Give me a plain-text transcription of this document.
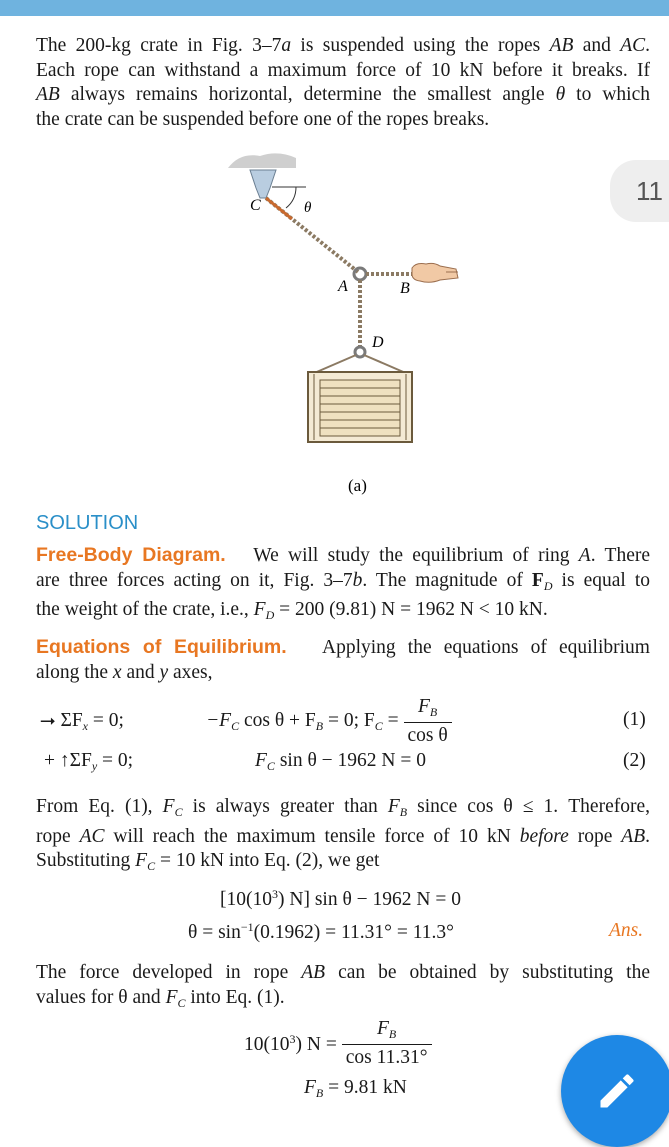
The 200-kg crate in Fig. 3–7a is suspended using the ropes AB and AC.
Each rope can withstand a maximum force of 10 kN before it breaks. If
AB always remains horizontal, determine the smallest angle θ to which
the crate can be suspended before one of the ropes breaks.
C	θ
A	B
D
(a)
11
SOLUTION
Free-Body Diagram. We will study the equilibrium of ring A. There
are three forces acting on it, Fig. 3–7b. The magnitude of $F_D$ is equal to
the weight of the crate, i.e., $F_D = 200$ (9.81) N = 1962 N < 10 kN.
Equations of Equilibrium. Applying the equations of equilibrium
along the x and y axes,
⭢ $\Sigma F_x = 0$;	$-F_C$ $\cos \theta + F_B = 0$; $F_C = \frac{F_B}{\text{cos θ}}$	(1)
+ $↑\Sigma F_y = 0$;	$F_C$ sin θ − 1962 N = 0	(2)
From Eq. (1), $F_C$ is always greater than $F_B$ since cos θ ≤ 1. Therefore,
rope AC will reach the maximum tensile force of 10 kN before rope AB.
Substituting $F_C = 10$ kN into Eq. (2), we get
[$10(10^3)$ N] sin θ − 1962 N = 0
$\theta = \sin^{-1}(0.1962) = 11.31^\circ = 11.3^\circ$	Ans.
The force developed in rope AB can be obtained by substituting the
values for θ and $F_C$ into Eq. (1).
$10(10^3) N = \frac{F_B}{\cos 11.31^\circ}$
$F_B = 9.81$ kN
